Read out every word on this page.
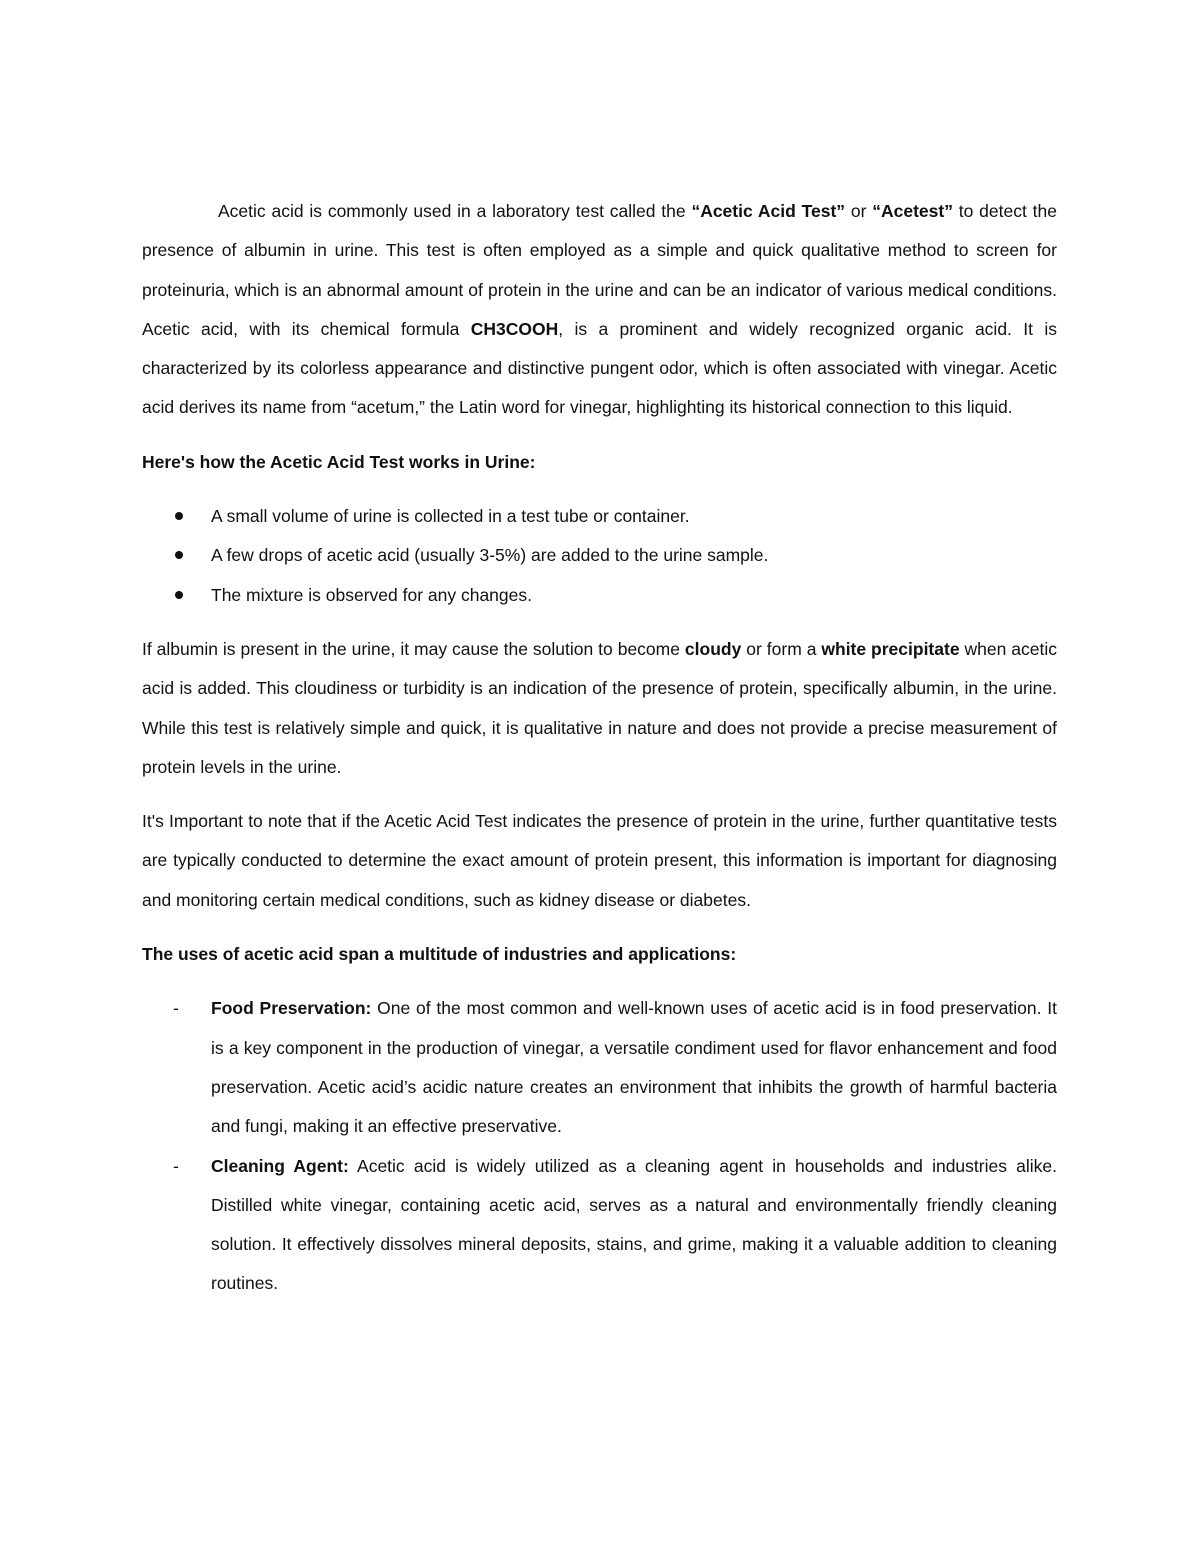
Acetic acid is commonly used in a laboratory test called the “Acetic Acid Test” or “Acetest” to detect the presence of albumin in urine. This test is often employed as a simple and quick qualitative method to screen for proteinuria, which is an abnormal amount of protein in the urine and can be an indicator of various medical conditions. Acetic acid, with its chemical formula CH3COOH, is a prominent and widely recognized organic acid. It is characterized by its colorless appearance and distinctive pungent odor, which is often associated with vinegar. Acetic acid derives its name from “acetum,” the Latin word for vinegar, highlighting its historical connection to this liquid.

Here's how the Acetic Acid Test works in Urine:

A small volume of urine is collected in a test tube or container.
A few drops of acetic acid (usually 3-5%) are added to the urine sample.
The mixture is observed for any changes.

If albumin is present in the urine, it may cause the solution to become cloudy or form a white precipitate when acetic acid is added. This cloudiness or turbidity is an indication of the presence of protein, specifically albumin, in the urine. While this test is relatively simple and quick, it is qualitative in nature and does not provide a precise measurement of protein levels in the urine.

It's Important to note that if the Acetic Acid Test indicates the presence of protein in the urine, further quantitative tests are typically conducted to determine the exact amount of protein present, this information is important for diagnosing and monitoring certain medical conditions, such as kidney disease or diabetes.

The uses of acetic acid span a multitude of industries and applications:

- Food Preservation: One of the most common and well-known uses of acetic acid is in food preservation. It is a key component in the production of vinegar, a versatile condiment used for flavor enhancement and food preservation. Acetic acid’s acidic nature creates an environment that inhibits the growth of harmful bacteria and fungi, making it an effective preservative.
- Cleaning Agent: Acetic acid is widely utilized as a cleaning agent in households and industries alike. Distilled white vinegar, containing acetic acid, serves as a natural and environmentally friendly cleaning solution. It effectively dissolves mineral deposits, stains, and grime, making it a valuable addition to cleaning routines.
